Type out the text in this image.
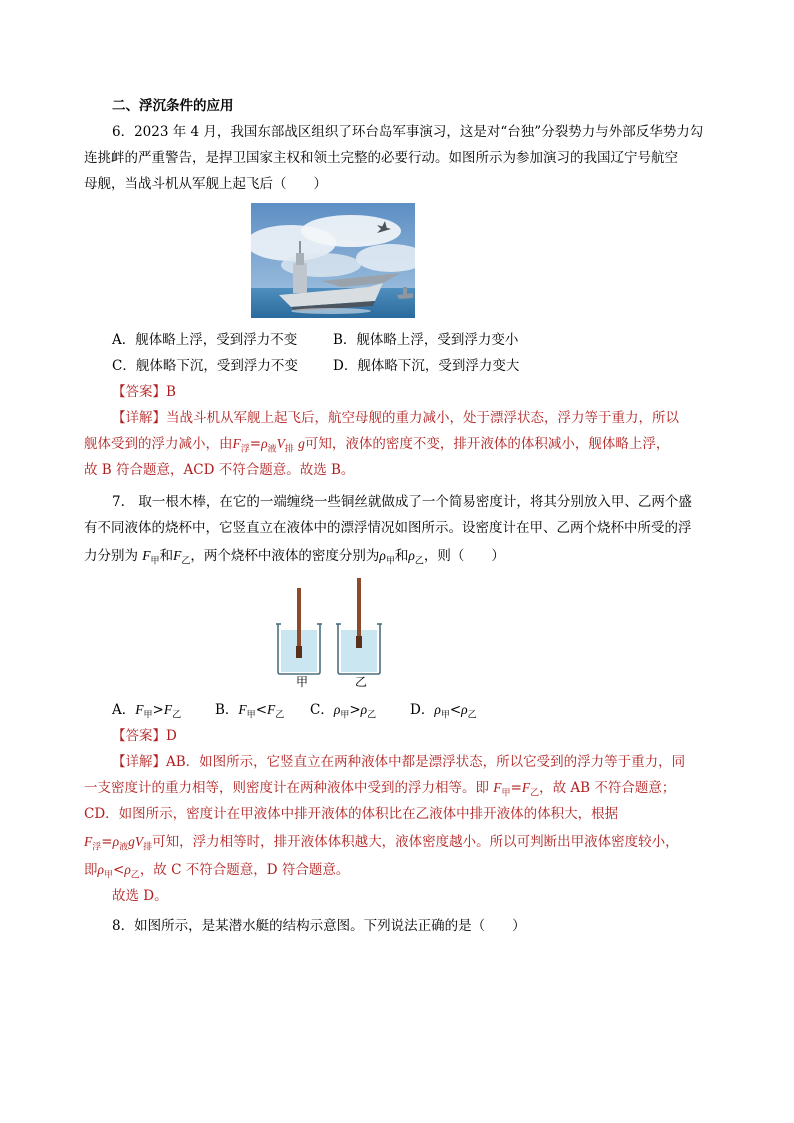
二、浮沉条件的应用
6．2023 年 4 月，我国东部战区组织了环台岛军事演习，这是对“台独”分裂势力与外部反华势力勾
连挑衅的严重警告，是捍卫国家主权和领土完整的必要行动。如图所示为参加演习的我国辽宁号航空
母舰，当战斗机从军舰上起飞后（　　）
A．舰体略上浮，受到浮力不变	B．舰体略上浮，受到浮力变小
C．舰体略下沉，受到浮力不变	D．舰体略下沉，受到浮力变大
【答案】B
【详解】当战斗机从军舰上起飞后，航空母舰的重力减小，处于漂浮状态，浮力等于重力，所以
舰体受到的浮力减小，由$F_浮=\rho_液V_排$ g可知，液体的密度不变，排开液体的体积减小，舰体略上浮，
故 B 符合题意，ACD 不符合题意。故选 B。
7.　取一根木棒，在它的一端缠绕一些铜丝就做成了一个简易密度计，将其分别放入甲、乙两个盛
有不同液体的烧杯中，它竖直立在液体中的漂浮情况如图所示。设密度计在甲、乙两个烧杯中所受的浮
力分别为 $F_甲$和$F_乙$，两个烧杯中液体的密度分别为$\rho_甲$和$\rho_乙$，则（　　）
甲	乙
A．$F_甲>F_乙$	B．$F_甲<F_乙$ C．$\rho_甲>\rho_乙$	D．$\rho_甲<\rho_乙$
【答案】D
【详解】AB．如图所示，它竖直立在两种液体中都是漂浮状态，所以它受到的浮力等于重力，同
一支密度计的重力相等，则密度计在两种液体中受到的浮力相等。即 $F_甲=F_乙$，故 AB 不符合题意；
CD．如图所示，密度计在甲液体中排开液体的体积比在乙液体中排开液体的体积大，根据
$F_浮=\rho_液gV_排$可知，浮力相等时，排开液体体积越大，液体密度越小。所以可判断出甲液体密度较小，
即$\rho_甲<\rho_乙$，故 C 不符合题意，D 符合题意。
故选 D。
8．如图所示，是某潜水艇的结构示意图。下列说法正确的是（　　）
